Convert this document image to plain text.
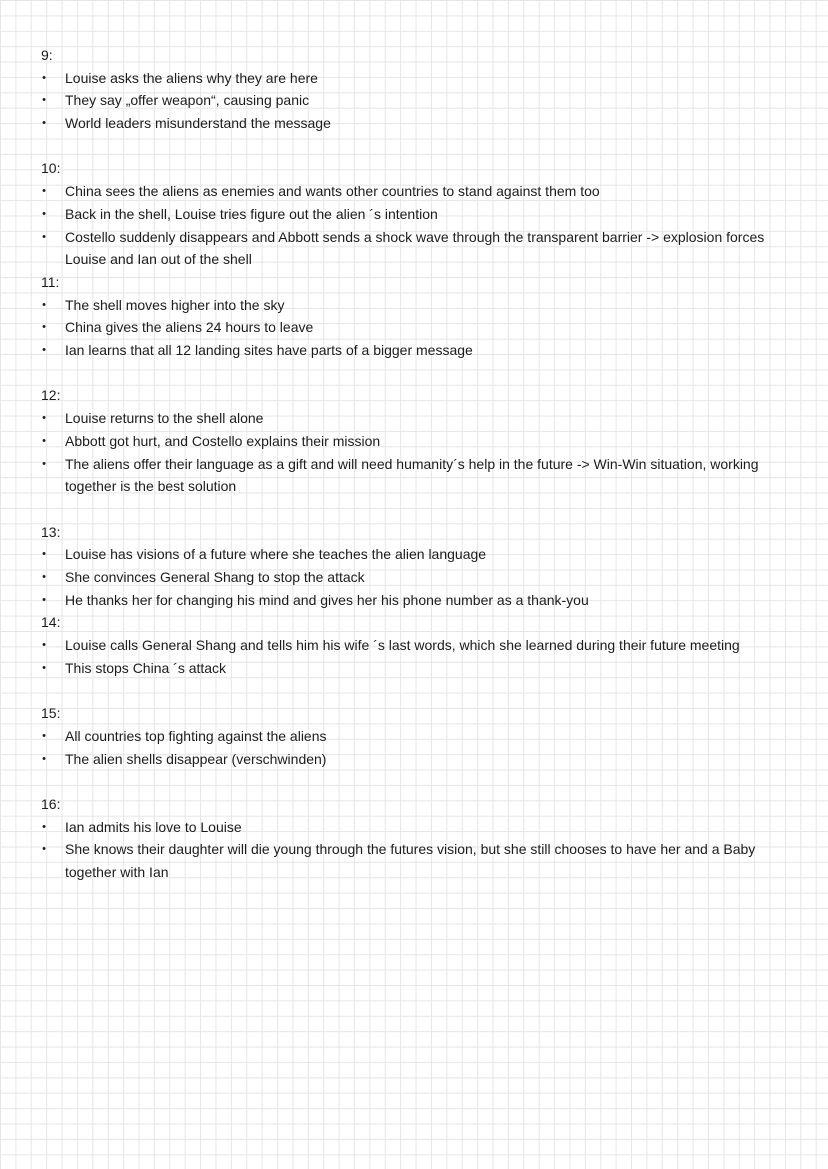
9:
• Louise asks the aliens why they are here
• They say „offer weapon“, causing panic
• World leaders misunderstand the message
10:
• China sees the aliens as enemies and wants other countries to stand against them too
• Back in the shell, Louise tries figure out the alien ´s intention
• Costello suddenly disappears and Abbott sends a shock wave through the transparent barrier -> explosion forces Louise and Ian out of the shell
11:
• The shell moves higher into the sky
• China gives the aliens 24 hours to leave
• Ian learns that all 12 landing sites have parts of a bigger message
12:
• Louise returns to the shell alone
• Abbott got hurt, and Costello explains their mission
• The aliens offer their language as a gift and will need humanity´s help in the future -> Win-Win situation, working together is the best solution
13:
• Louise has visions of a future where she teaches the alien language
• She convinces General Shang to stop the attack
• He thanks her for changing his mind and gives her his phone number as a thank-you
14:
• Louise calls General Shang and tells him his wife ´s last words, which she learned during their future meeting
• This stops China ´s attack
15:
• All countries top fighting against the aliens
• The alien shells disappear (verschwinden)
16:
• Ian admits his love to Louise
• She knows their daughter will die young through the futures vision, but she still chooses to have her and a Baby together with Ian
